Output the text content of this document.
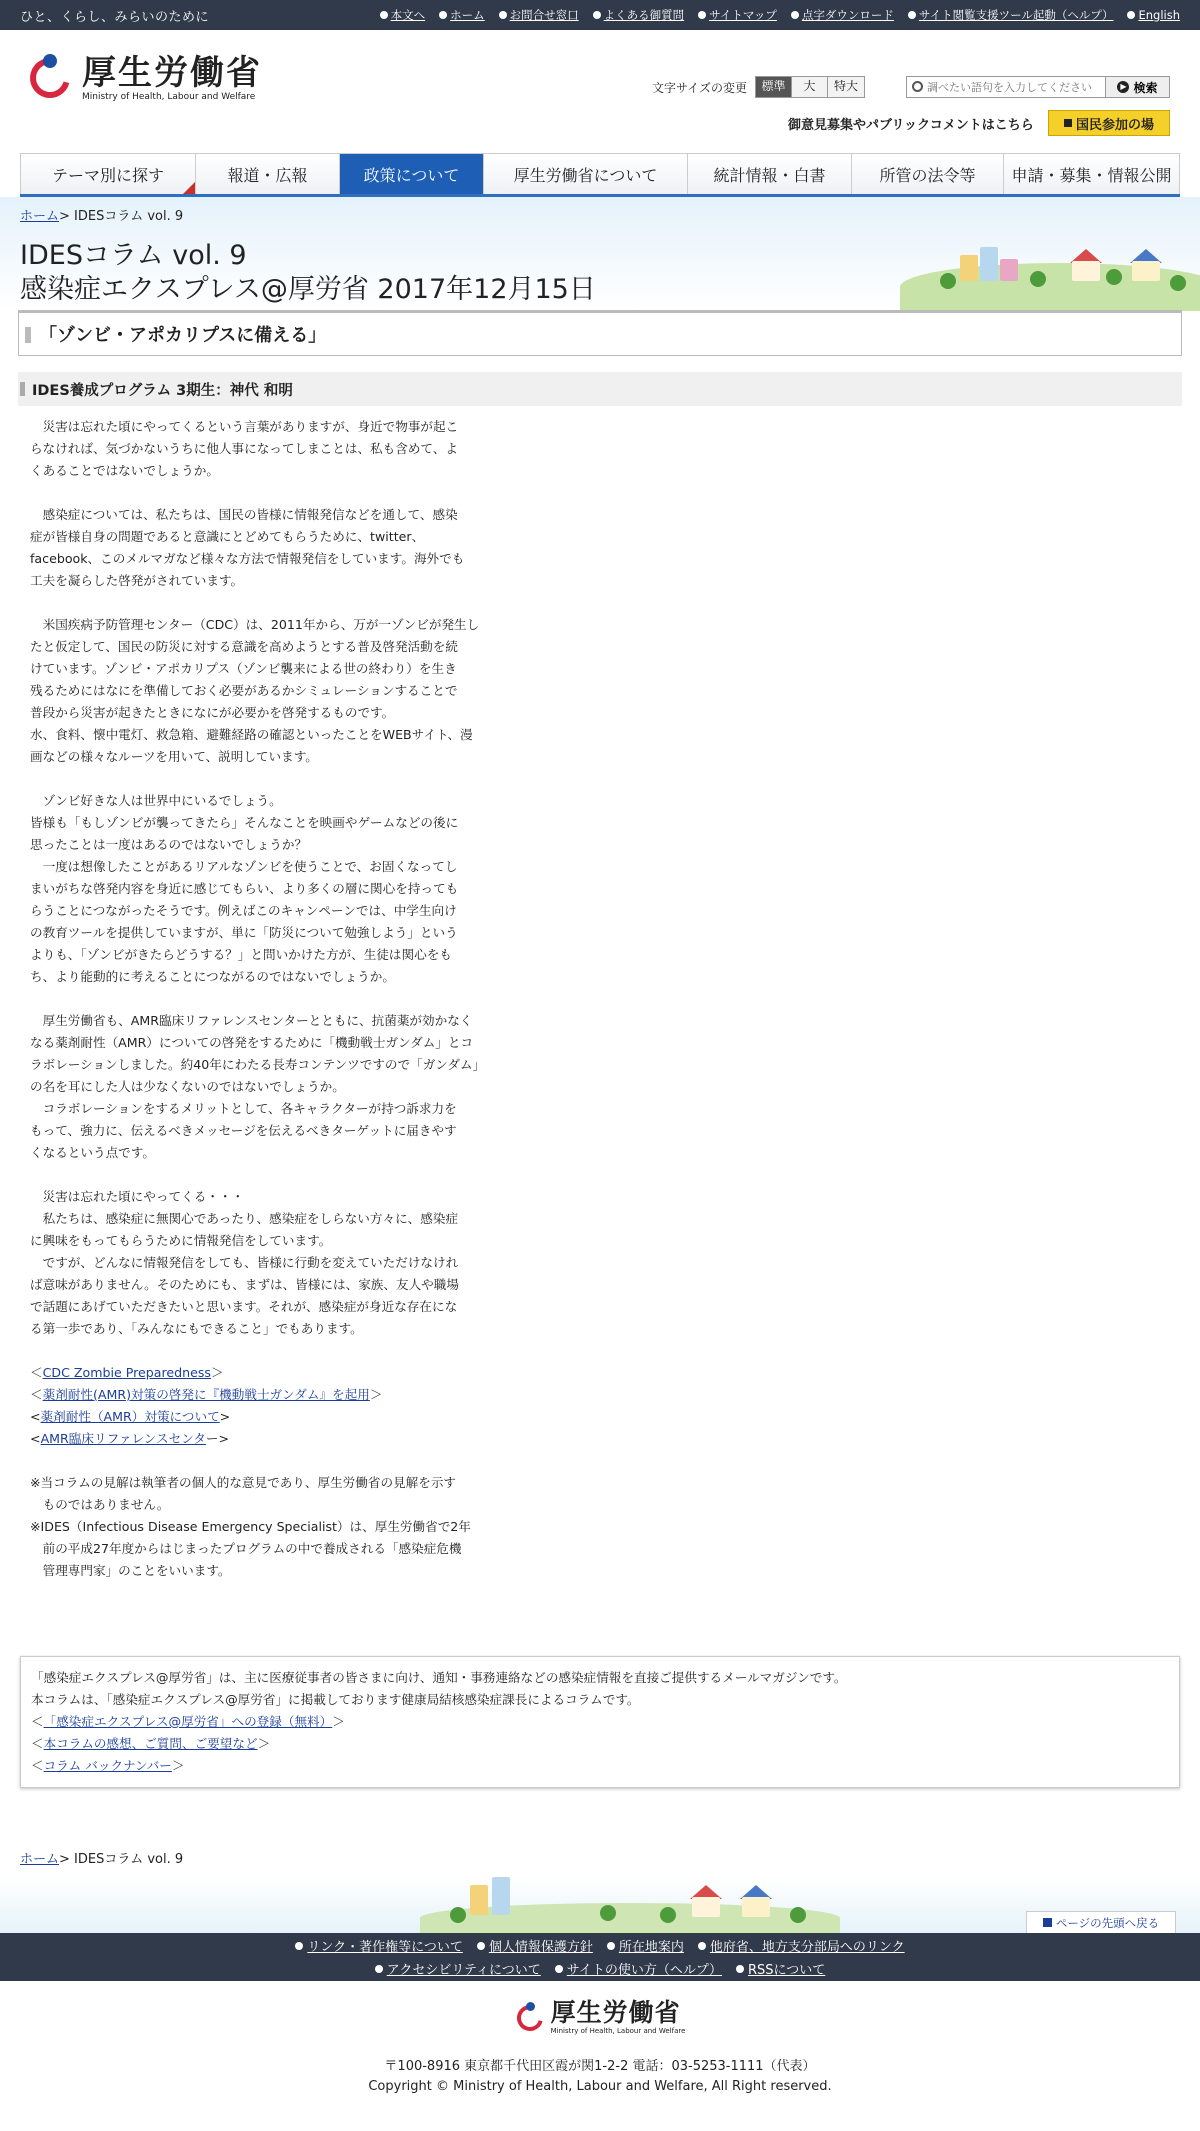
ひと、くらし、みらいのために	本文へ ホーム お問合せ窓口 よくある御質問 サイトマップ 点字ダウンロード サイト閲覧支援ツール起動（ヘルプ） English
厚生労働省
Ministry of Health, Labour and Welfare
文字サイズの変更	標準	大	特大
調べたい語句を入力してください	▶ 検索
御意見募集やパブリックコメントはこちら	国民参加の場
テーマ別に探す	報道・広報	政策について	厚生労働省について	統計情報・白書	所管の法令等 申請・募集・情報公開
ホーム> IDESコラム vol. 9
IDESコラム vol. 9
感染症エクスプレス@厚労省 2017年12月15日
「ゾンビ・アポカリプスに備える」
IDES養成プログラム 3期生：神代 和明

　災害は忘れた頃にやってくるという言葉がありますが、身近で物事が起こ
らなければ、気づかないうちに他人事になってしまことは、私も含めて、よ
くあることではないでしょうか。

　感染症については、私たちは、国民の皆様に情報発信などを通して、感染
症が皆様自身の問題であると意識にとどめてもらうために、twitter、
facebook、このメルマガなど様々な方法で情報発信をしています。海外でも
工夫を凝らした啓発がされています。

　米国疾病予防管理センター（CDC）は、2011年から、万が一ゾンビが発生し
たと仮定して、国民の防災に対する意識を高めようとする普及啓発活動を続
けています。ゾンビ・アポカリプス（ゾンビ襲来による世の終わり）を生き
残るためにはなにを準備しておく必要があるかシミュレーションすることで
普段から災害が起きたときになにが必要かを啓発するものです。
水、食料、懐中電灯、救急箱、避難経路の確認といったことをWEBサイト、漫
画などの様々なルーツを用いて、説明しています。

　ゾンビ好きな人は世界中にいるでしょう。
皆様も「もしゾンビが襲ってきたら」そんなことを映画やゲームなどの後に
思ったことは一度はあるのではないでしょうか？
　一度は想像したことがあるリアルなゾンビを使うことで、お固くなってし
まいがちな啓発内容を身近に感じてもらい、より多くの層に関心を持っても
らうことにつながったそうです。例えばこのキャンペーンでは、中学生向け
の教育ツールを提供していますが、単に「防災について勉強しよう」という
よりも、「ゾンビがきたらどうする？」と問いかけた方が、生徒は関心をも
ち、より能動的に考えることにつながるのではないでしょうか。

　厚生労働省も、AMR臨床リファレンスセンターとともに、抗菌薬が効かなく
なる薬剤耐性（AMR）についての啓発をするために「機動戦士ガンダム」とコ
ラボレーションしました。約40年にわたる長寿コンテンツですので「ガンダム」
の名を耳にした人は少なくないのではないでしょうか。
　コラボレーションをするメリットとして、各キャラクターが持つ訴求力を
もって、強力に、伝えるべきメッセージを伝えるべきターゲットに届きやす
くなるという点です。

　災害は忘れた頃にやってくる・・・
　私たちは、感染症に無関心であったり、感染症をしらない方々に、感染症
に興味をもってもらうために情報発信をしています。
　ですが、どんなに情報発信をしても、皆様に行動を変えていただけなけれ
ば意味がありません。そのためにも、まずは、皆様には、家族、友人や職場
で話題にあげていただきたいと思います。それが、感染症が身近な存在にな
る第一歩であり、「みんなにもできること」でもあります。

＜CDC Zombie Preparedness＞

＜薬剤耐性(AMR)対策の啓発に『機動戦士ガンダム』を起用＞

<薬剤耐性（AMR）対策について>

<AMR臨床リファレンスセンター>

※当コラムの見解は執筆者の個人的な意見であり、厚生労働省の見解を示す
　ものではありません。

※IDES（Infectious Disease Emergency Specialist）は、厚生労働省で2年
　前の平成27年度からはじまったプログラムの中で養成される「感染症危機
　管理専門家」のことをいいます。

「感染症エクスプレス@厚労省」は、主に医療従事者の皆さまに向け、通知・事務連絡などの感染症情報を直接ご提供するメールマガジンです。
本コラムは、「感染症エクスプレス@厚労省」に掲載しております健康局結核感染症課長によるコラムです。
＜「感染症エクスプレス@厚労省」への登録（無料）＞
＜本コラムの感想、ご質問、ご要望など＞
＜コラム バックナンバー＞
ホーム> IDESコラム vol. 9
ページの先頭へ戻る
リンク・著作権等について 個人情報保護方針 所在地案内 他府省、地方支分部局へのリンク
アクセシビリティについて サイトの使い方（ヘルプ） RSSについて
厚生労働省
Ministry of Health, Labour and Welfare
〒100-8916 東京都千代田区霞が関1-2-2 電話：03-5253-1111（代表）
Copyright © Ministry of Health, Labour and Welfare, All Right reserved.
